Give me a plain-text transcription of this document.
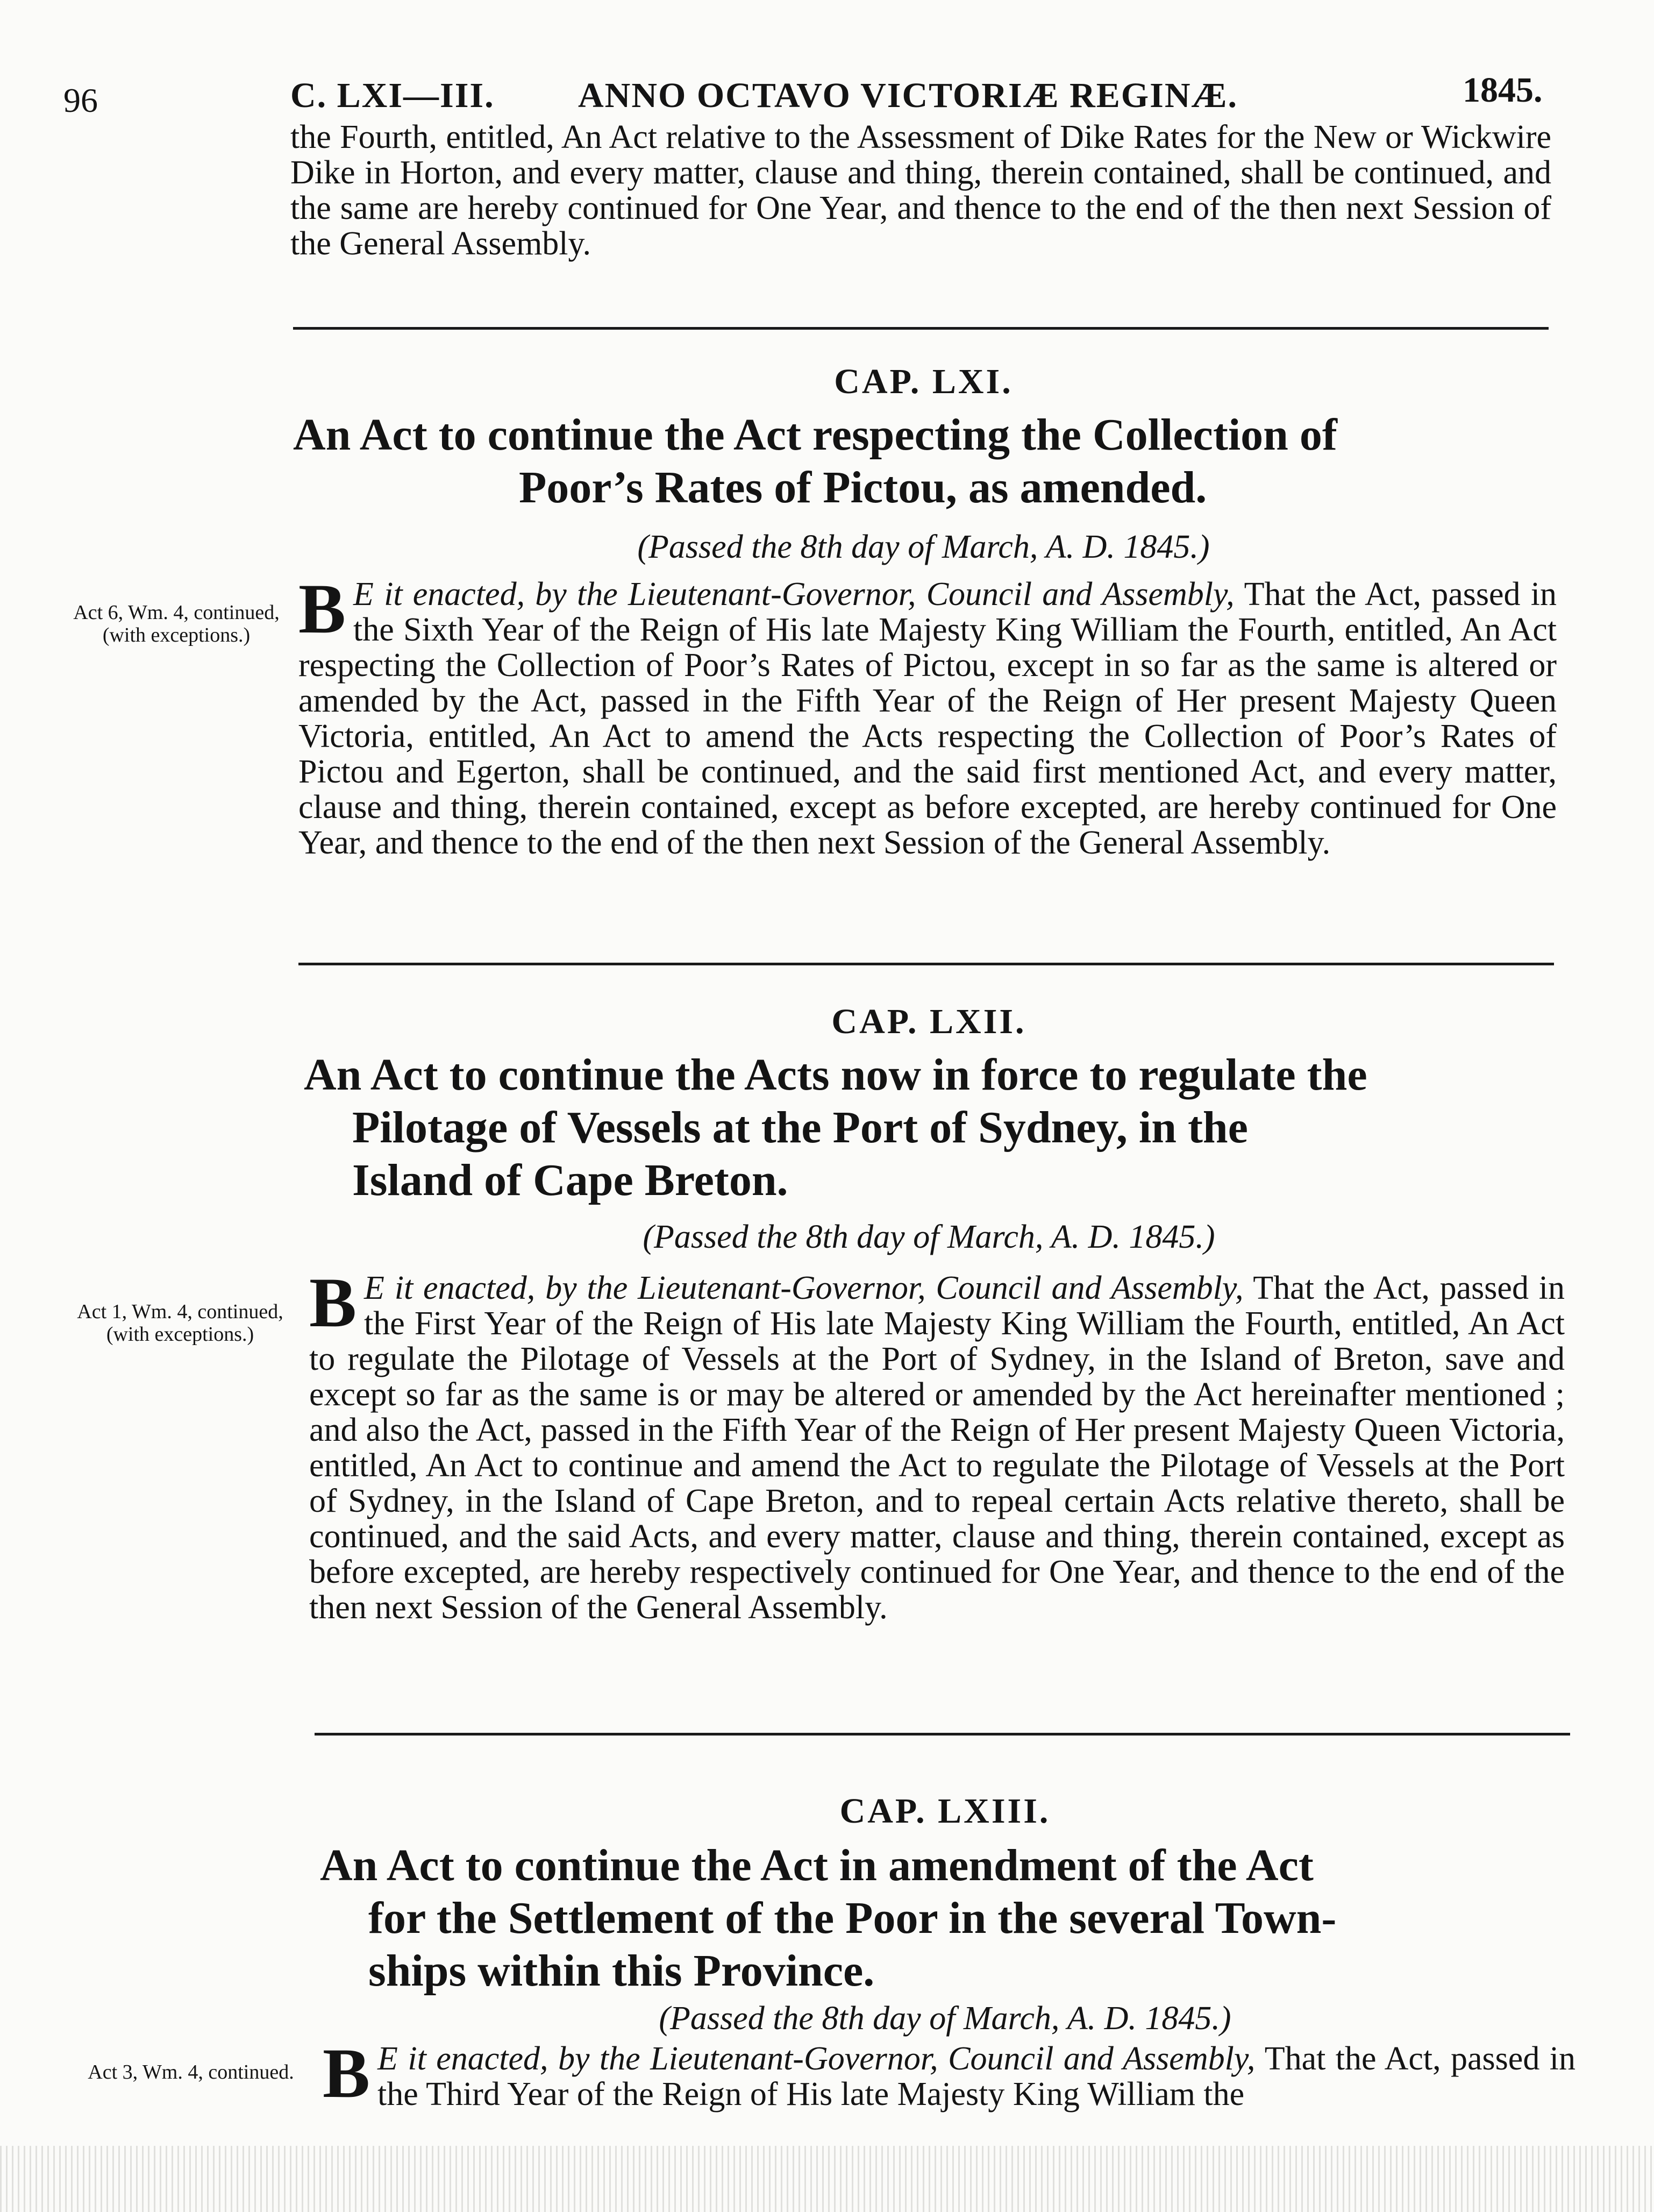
96	C. LXI—III. ANNO OCTAVO VICTORIÆ REGINÆ.	1845.
the Fourth, entitled, An Act relative to the Assessment of Dike Rates for the New or Wickwire Dike in Horton, and every matter, clause and thing, therein contained, shall be continued, and the same are hereby continued for One Year, and thence to the end of the then next Session of the General Assembly.
CAP. LXI.
An Act to continue the Act respecting the Collection of
Poor’s Rates of Pictou, as amended.
(Passed the 8th day of March, A. D. 1845.)
Act 6, Wm. 4, continued, (with exceptions.) B E it enacted, by the Lieutenant-Governor, Council and Assembly, That the Act, passed in the Sixth Year of the Reign of His late Majesty King William the Fourth, entitled, An Act respecting the Collection of Poor’s Rates of Pictou, except in so far as the same is altered or amended by the Act, passed in the Fifth Year of the Reign of Her present Majesty Queen Victoria, entitled, An Act to amend the Acts respecting the Collection of Poor’s Rates of Pictou and Egerton, shall be continued, and the said first mentioned Act, and every matter, clause and thing, therein contained, except as before excepted, are hereby continued for One Year, and thence to the end of the then next Session of the General Assembly.
CAP. LXII.
An Act to continue the Acts now in force to regulate the
Pilotage of Vessels at the Port of Sydney, in the
Island of Cape Breton.
(Passed the 8th day of March, A. D. 1845.)
Act 1, Wm. 4, continued, (with exceptions.) B E it enacted, by the Lieutenant-Governor, Council and Assembly, That the Act, passed in the First Year of the Reign of His late Majesty King William the Fourth, entitled, An Act to regulate the Pilotage of Vessels at the Port of Sydney, in the Island of Breton, save and except so far as the same is or may be altered or amended by the Act hereinafter mentioned ; and also the Act, passed in the Fifth Year of the Reign of Her present Majesty Queen Victoria, entitled, An Act to continue and amend the Act to regulate the Pilotage of Vessels at the Port of Sydney, in the Island of Cape Breton, and to repeal certain Acts relative thereto, shall be continued, and the said Acts, and every matter, clause and thing, therein contained, except as before excepted, are hereby respectively continued for One Year, and thence to the end of the then next Session of the General Assembly.
CAP. LXIII.
An Act to continue the Act in amendment of the Act
for the Settlement of the Poor in the several Town-
ships within this Province.
(Passed the 8th day of March, A. D. 1845.)
Act 3, Wm. 4, continued. B E it enacted, by the Lieutenant-Governor, Council and Assembly, That the Act, passed in the Third Year of the Reign of His late Majesty King William the
